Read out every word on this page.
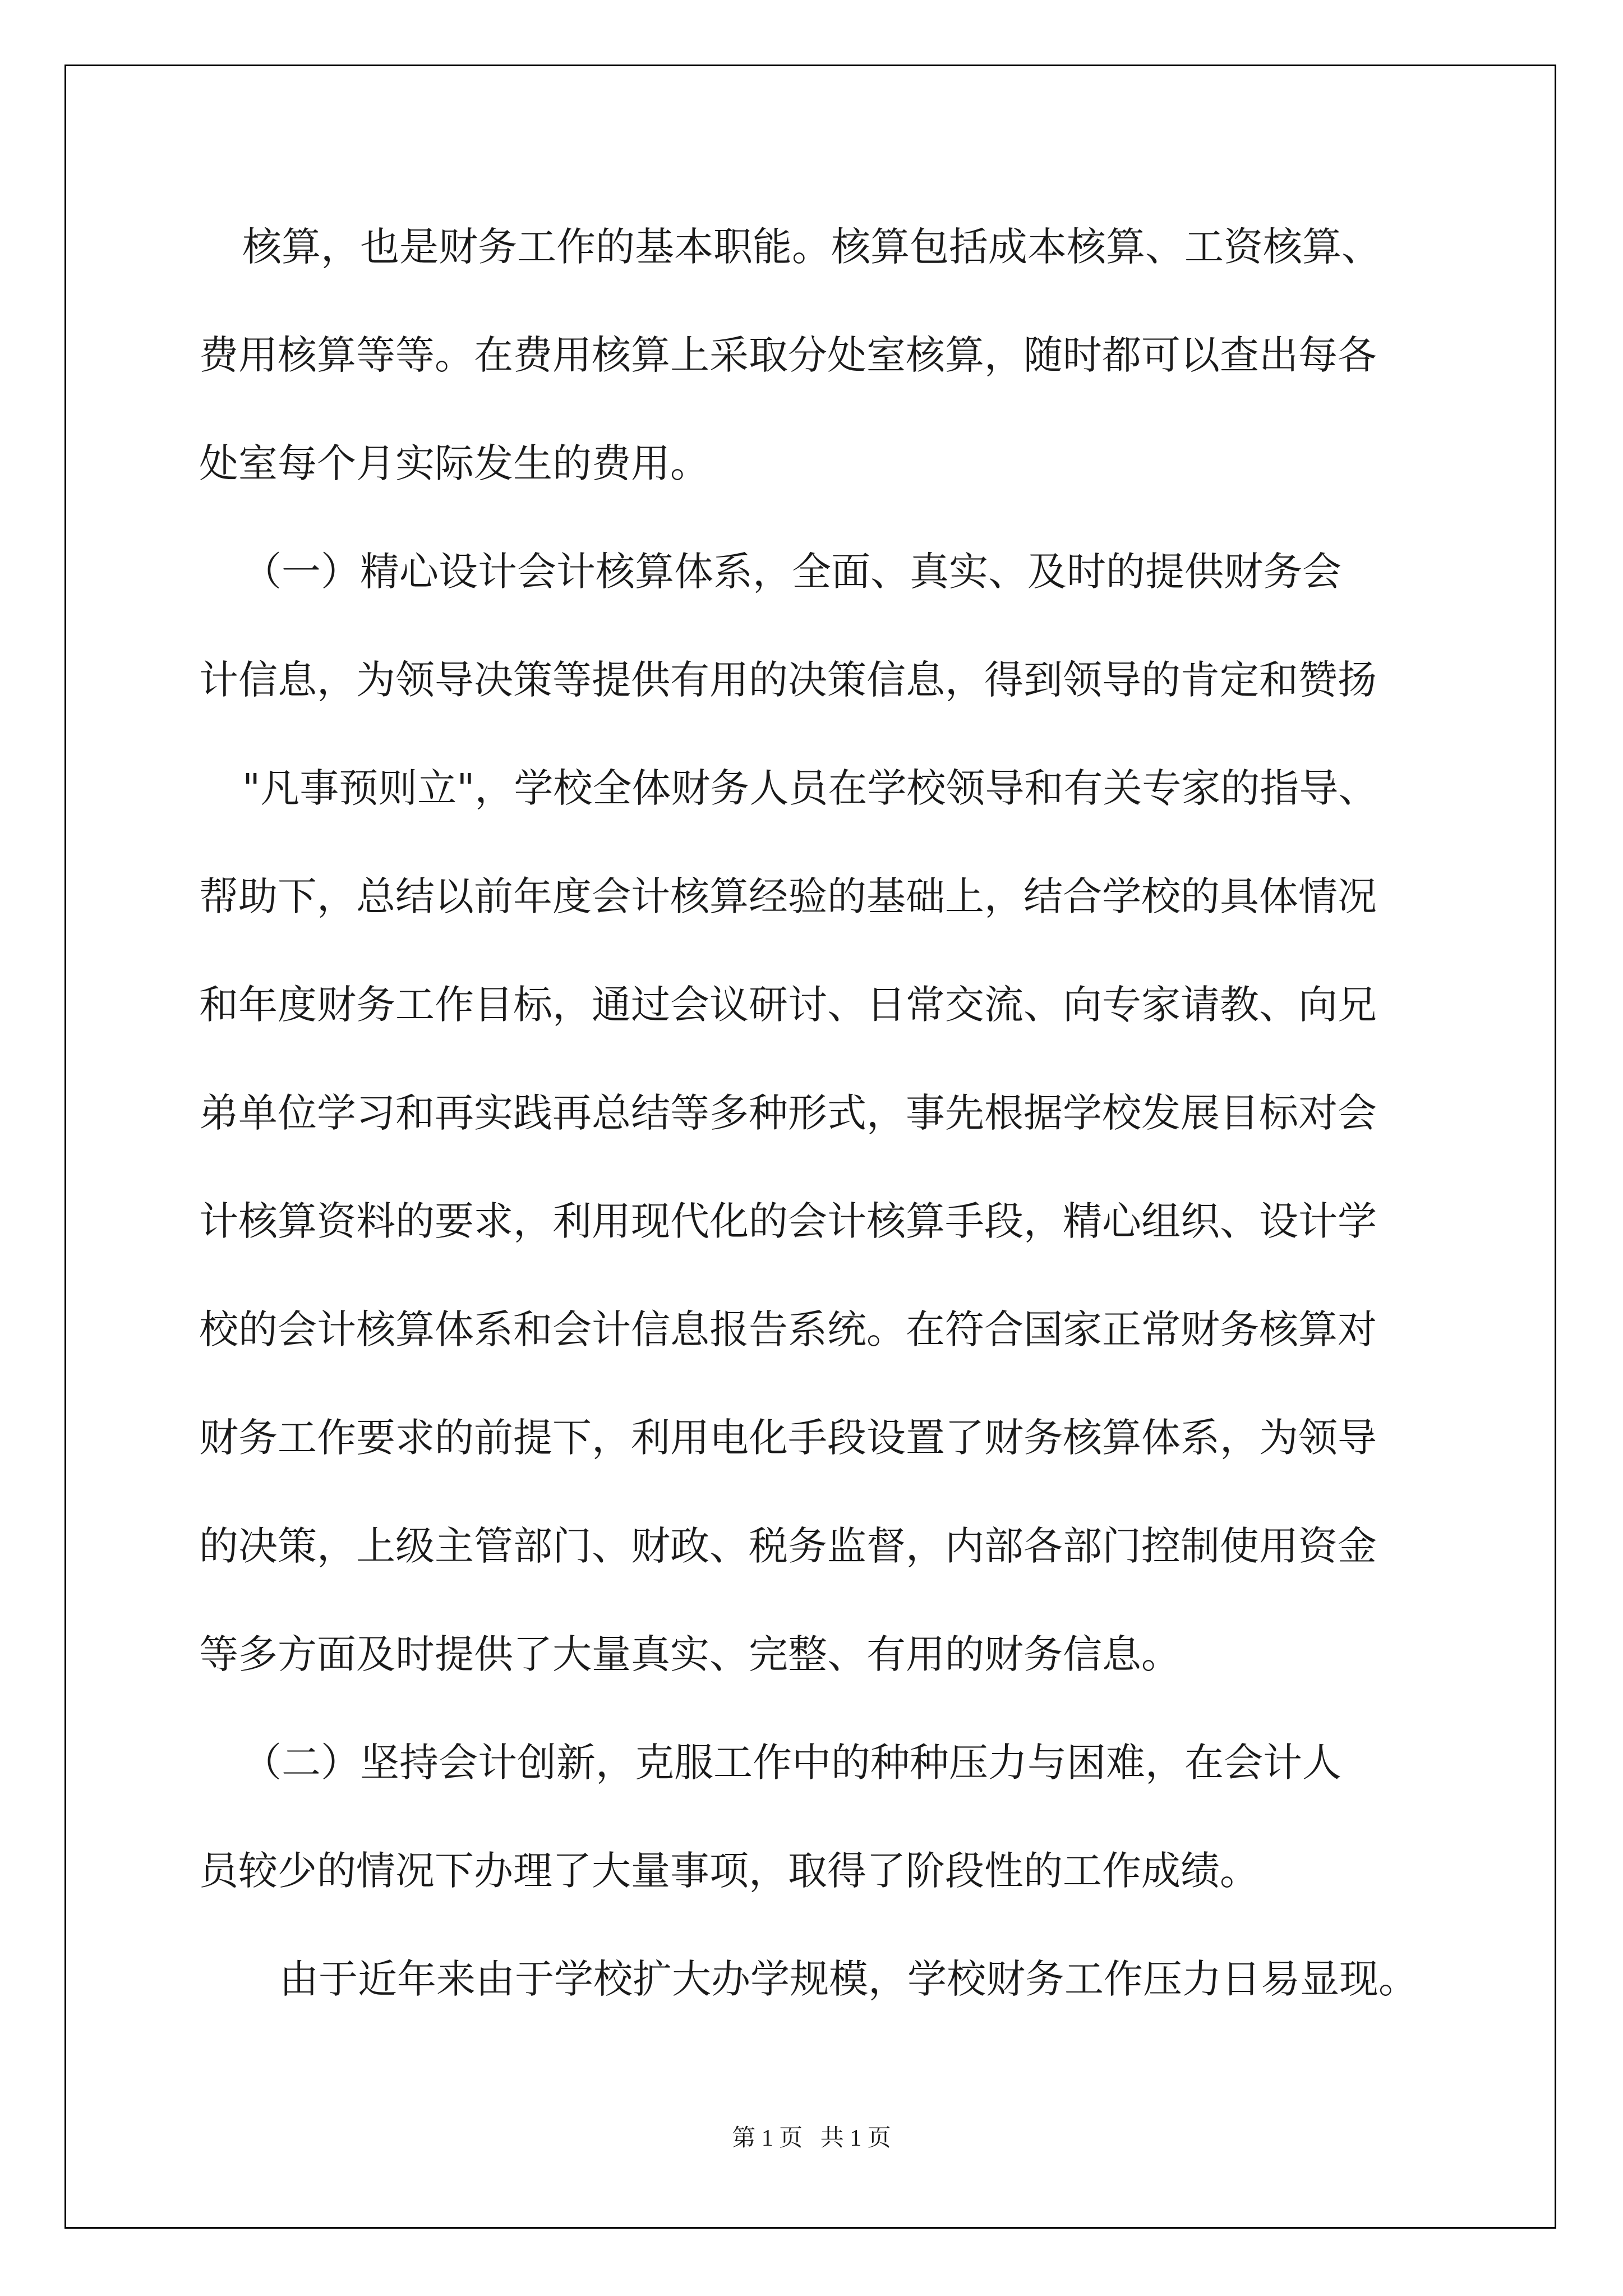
核算，也是财务工作的基本职能。核算包括成本核算、工资核算、

费用核算等等。在费用核算上采取分处室核算，随时都可以查出每各

处室每个月实际发生的费用。

（一）精心设计会计核算体系，全面、真实、及时的提供财务会

计信息，为领导决策等提供有用的决策信息，得到领导的肯定和赞扬

"凡事预则立"，学校全体财务人员在学校领导和有关专家的指导、

帮助下，总结以前年度会计核算经验的基础上，结合学校的具体情况

和年度财务工作目标，通过会议研讨、日常交流、向专家请教、向兄

弟单位学习和再实践再总结等多种形式，事先根据学校发展目标对会

计核算资料的要求，利用现代化的会计核算手段，精心组织、设计学

校的会计核算体系和会计信息报告系统。在符合国家正常财务核算对

财务工作要求的前提下，利用电化手段设置了财务核算体系，为领导

的决策，上级主管部门、财政、税务监督，内部各部门控制使用资金

等多方面及时提供了大量真实、完整、有用的财务信息。

（二）坚持会计创新，克服工作中的种种压力与困难，在会计人

员较少的情况下办理了大量事项，取得了阶段性的工作成绩。

由于近年来由于学校扩大办学规模，学校财务工作压力日易显现。

第 1 页   共 1 页
